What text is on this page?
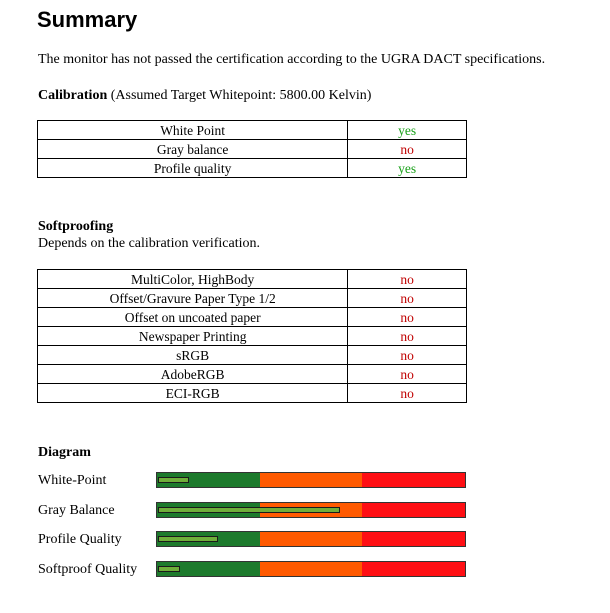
Summary
The monitor has not passed the certification according to the UGRA DACT specifications.
Calibration (Assumed Target Whitepoint: 5800.00 Kelvin)
White Point	yes
Gray balance	no
Profile quality	yes
Softproofing
Depends on the calibration verification.
MultiColor, HighBody	no
Offset/Gravure Paper Type 1/2	no
Offset on uncoated paper	no
Newspaper Printing	no
sRGB	no
AdobeRGB	no
ECI-RGB	no
Diagram
White-Point
Gray Balance
Profile Quality
Softproof Quality
